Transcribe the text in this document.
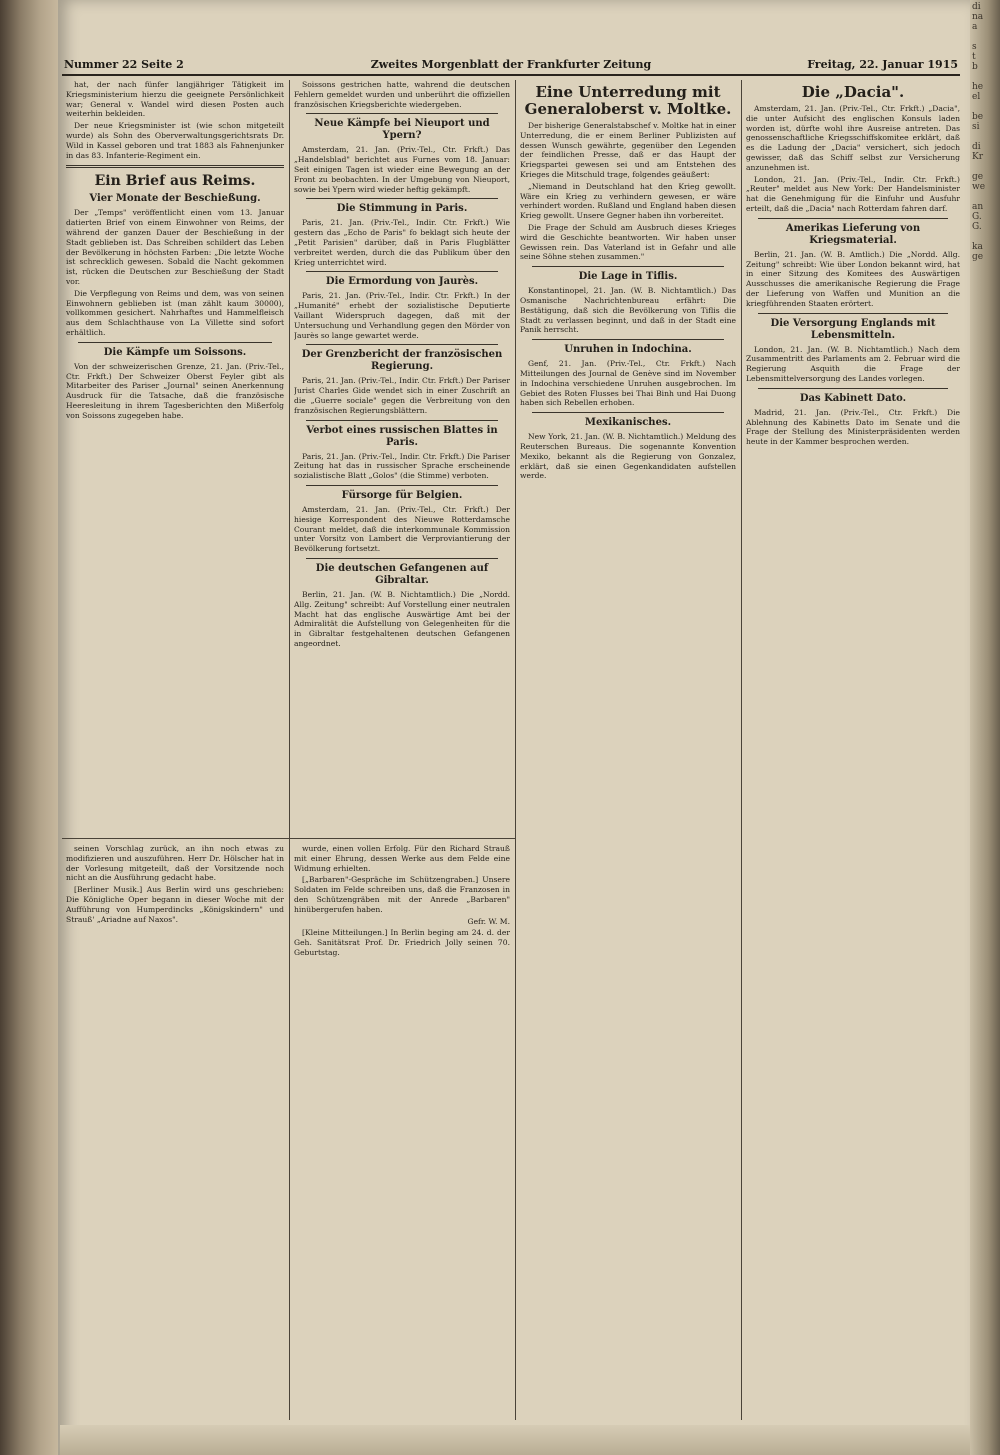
di
na
a

s
t
b

he
el

be
si

di
Kr

ge
we

an
G.
G.

ka
ge
Nummer 22 Seite 2	Zweites Morgenblatt der Frankfurter Zeitung	Freitag, 22. Januar 1915

hat, der nach fünfer langjähriger Tätigkeit im Kriegsministerium hierzu die geeignete Persönlichkeit war; General v. Wandel wird diesen Posten auch weiterhin bekleiden.

Der neue Kriegsminister ist (wie schon mitgeteilt wurde) als Sohn des Oberverwaltungsgerichtsrats Dr. Wild in Kassel geboren und trat 1883 als Fahnenjunker in das 83. Infanterie-Regiment ein.

Ein Brief aus Reims.
Vier Monate der Beschießung.

Der „Temps" veröffentlicht einen vom 13. Januar datierten Brief von einem Einwohner von Reims, der während der ganzen Dauer der Beschießung in der Stadt geblieben ist. Das Schreiben schildert das Leben der Bevölkerung in höchsten Farben: „Die letzte Woche ist schrecklich gewesen. Sobald die Nacht gekommen ist, rücken die Deutschen zur Beschießung der Stadt vor.

Die Verpflegung von Reims und dem, was von seinen Einwohnern geblieben ist (man zählt kaum 30000), vollkommen gesichert. Nahrhaftes und Hammelfleisch aus dem Schlachthause von La Villette sind sofort erhältlich.

Die Kämpfe um Soissons.

Von der schweizerischen Grenze, 21. Jan. (Priv.-Tel., Ctr. Frkft.) Der Schweizer Oberst Feyler gibt als Mitarbeiter des Pariser „Journal" seinen Anerkennung Ausdruck für die Tatsache, daß die französische Heeresleitung in ihrem Tagesberichten den Mißerfolg von Soissons zugegeben habe.

Soissons gestrichen hatte, wahrend die deutschen Fehlern gemeldet wurden und unberührt die offiziellen französischen Kriegsberichte wiedergeben.

Neue Kämpfe bei Nieuport und Ypern?

Amsterdam, 21. Jan. (Priv.-Tel., Ctr. Frkft.) Das „Handelsblad" berichtet aus Furnes vom 18. Januar: Seit einigen Tagen ist wieder eine Bewegung an der Front zu beobachten. In der Umgebung von Nieuport, sowie bei Ypern wird wieder heftig gekämpft.

Die Stimmung in Paris.

Paris, 21. Jan. (Priv.-Tel., Indir. Ctr. Frkft.) Wie gestern das „Echo de Paris" fo beklagt sich heute der „Petit Parisien" darüber, daß in Paris Flugblätter verbreitet werden, durch die das Publikum über den Krieg unterrichtet wird.

Die Ermordung von Jaurès.

Paris, 21. Jan. (Priv.-Tel., Indir. Ctr. Frkft.) In der „Humanité" erhebt der sozialistische Deputierte Vaillant Widerspruch dagegen, daß mit der Untersuchung und Verhandlung gegen den Mörder von Jaurès so lange gewartet werde.

Der Grenzbericht der französischen Regierung.

Paris, 21. Jan. (Priv.-Tel., Indir. Ctr. Frkft.) Der Pariser Jurist Charles Gide wendet sich in einer Zuschrift an die „Guerre sociale" gegen die Verbreitung von den französischen Regierungsblättern.

Verbot eines russischen Blattes in Paris.

Paris, 21. Jan. (Priv.-Tel., Indir. Ctr. Frkft.) Die Pariser Zeitung hat das in russischer Sprache erscheinende sozialistische Blatt „Golos" (die Stimme) verboten.

Fürsorge für Belgien.

Amsterdam, 21. Jan. (Priv.-Tel., Ctr. Frkft.) Der hiesige Korrespondent des Nieuwe Rotterdamsche Courant meldet, daß die interkommunale Kommission unter Vorsitz von Lambert die Verproviantierung der Bevölkerung fortsetzt.

Die deutschen Gefangenen auf Gibraltar.

Berlin, 21. Jan. (W. B. Nichtamtlich.) Die „Nordd. Allg. Zeitung" schreibt: Auf Vorstellung einer neutralen Macht hat das englische Auswärtige Amt bei der Admiralität die Aufstellung von Gelegenheiten für die in Gibraltar festgehaltenen deutschen Gefangenen angeordnet.

Eine Unterredung mit Generaloberst v. Moltke.

Der bisherige Generalstabschef v. Moltke hat in einer Unterredung, die er einem Berliner Publizisten auf dessen Wunsch gewährte, gegenüber den Legenden der feindlichen Presse, daß er das Haupt der Kriegspartei gewesen sei und am Entstehen des Krieges die Mitschuld trage, folgendes geäußert:

„Niemand in Deutschland hat den Krieg gewollt. Wäre ein Krieg zu verhindern gewesen, er wäre verhindert worden. Rußland und England haben diesen Krieg gewollt. Unsere Gegner haben ihn vorbereitet.

Die Frage der Schuld am Ausbruch dieses Krieges wird die Geschichte beantworten. Wir haben unser Gewissen rein. Das Vaterland ist in Gefahr und alle seine Söhne stehen zusammen."

Die Lage in Tiflis.

Konstantinopel, 21. Jan. (W. B. Nichtamtlich.) Das Osmanische Nachrichtenbureau erfährt: Die Bestätigung, daß sich die Bevölkerung von Tiflis die Stadt zu verlassen beginnt, und daß in der Stadt eine Panik herrscht.

Unruhen in Indochina.

Genf, 21. Jan. (Priv.-Tel., Ctr. Frkft.) Nach Mitteilungen des Journal de Genève sind im November in Indochina verschiedene Unruhen ausgebrochen. Im Gebiet des Roten Flusses bei Thai Binh und Hai Duong haben sich Rebellen erhoben.

Mexikanisches.

New York, 21. Jan. (W. B. Nichtamtlich.) Meldung des Reuterschen Bureaus. Die sogenannte Konvention Mexiko, bekannt als die Regierung von Gonzalez, erklärt, daß sie einen Gegenkandidaten aufstellen werde.

Die „Dacia".

Amsterdam, 21. Jan. (Priv.-Tel., Ctr. Frkft.) „Dacia", die unter Aufsicht des englischen Konsuls laden worden ist, dürfte wohl ihre Ausreise antreten. Das genossenschaftliche Kriegsschiffskomitee erklärt, daß es die Ladung der „Dacia" versichert, sich jedoch gewisser, daß das Schiff selbst zur Versicherung anzunehmen ist.

London, 21. Jan. (Priv.-Tel., Indir. Ctr. Frkft.) „Reuter" meldet aus New York: Der Handelsminister hat die Genehmigung für die Einfuhr und Ausfuhr erteilt, daß die „Dacia" nach Rotterdam fahren darf.

Amerikas Lieferung von Kriegsmaterial.

Berlin, 21. Jan. (W. B. Amtlich.) Die „Nordd. Allg. Zeitung" schreibt: Wie über London bekannt wird, hat in einer Sitzung des Komitees des Auswärtigen Ausschusses die amerikanische Regierung die Frage der Lieferung von Waffen und Munition an die kriegführenden Staaten erörtert.

Die Versorgung Englands mit Lebensmitteln.

London, 21. Jan. (W. B. Nichtamtlich.) Nach dem Zusammentritt des Parlaments am 2. Februar wird die Regierung Asquith die Frage der Lebensmittelversorgung des Landes vorlegen.

Das Kabinett Dato.

Madrid, 21. Jan. (Priv.-Tel., Ctr. Frkft.) Die Ablehnung des Kabinetts Dato im Senate und die Frage der Stellung des Ministerpräsidenten werden heute in der Kammer besprochen werden.

seinen Vorschlag zurück, an ihn noch etwas zu modifizieren und auszuführen. Herr Dr. Hölscher hat in der Vorlesung mitgeteilt, daß der Vorsitzende noch nicht an die Ausführung gedacht habe.

[Berliner Musik.] Aus Berlin wird uns geschrieben: Die Königliche Oper begann in dieser Woche mit der Aufführung von Humperdincks „Königskindern" und Strauß' „Ariadne auf Naxos".

wurde, einen vollen Erfolg. Für den Richard Strauß mit einer Ehrung, dessen Werke aus dem Felde eine Widmung erhielten.

[„Barbaren"-Gespräche im Schützengraben.] Unsere Soldaten im Felde schreiben uns, daß die Franzosen in den Schützengräben mit der Anrede „Barbaren" hinübergerufen haben.

Gefr. W. M.

[Kleine Mitteilungen.] In Berlin beging am 24. d. der Geh. Sanitätsrat Prof. Dr. Friedrich Jolly seinen 70. Geburtstag.
